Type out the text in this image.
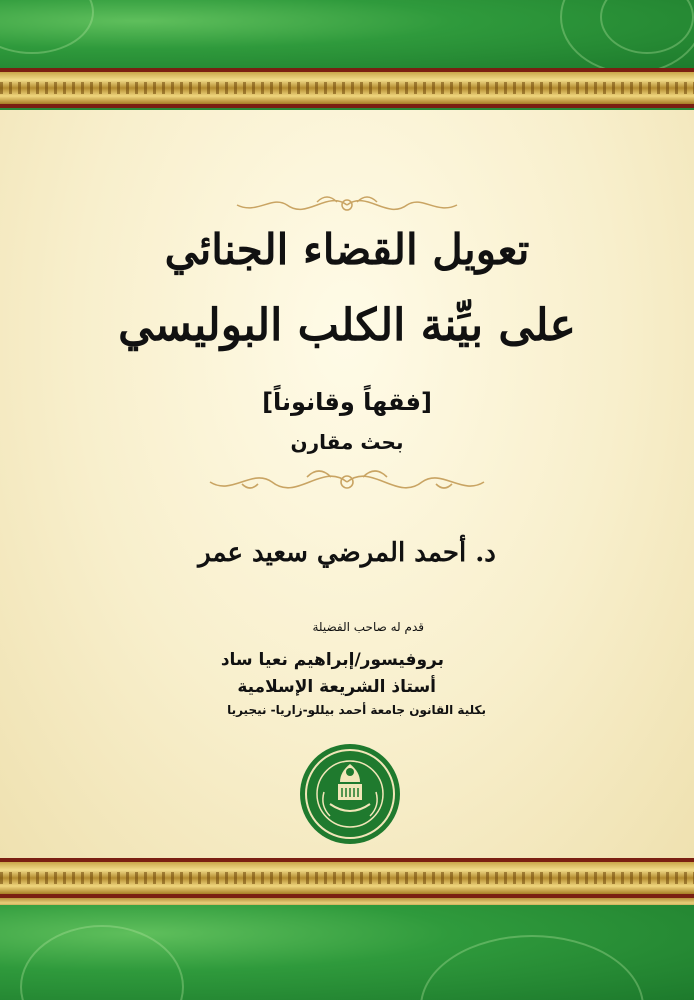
تعويل القضاء الجنائي
على بيِّنة الكلب البوليسي
[فقهاً وقانوناً]
بحث مقارن
د. أحمد المرضي سعيد عمر
قدم له صاحب الفضيلة
بروفيسور/إبراهيم نعيا ساد
أستاذ الشريعة الإسلامية
بكلية القانون جامعة أحمد بيللو-زاريا- نيجيريا
